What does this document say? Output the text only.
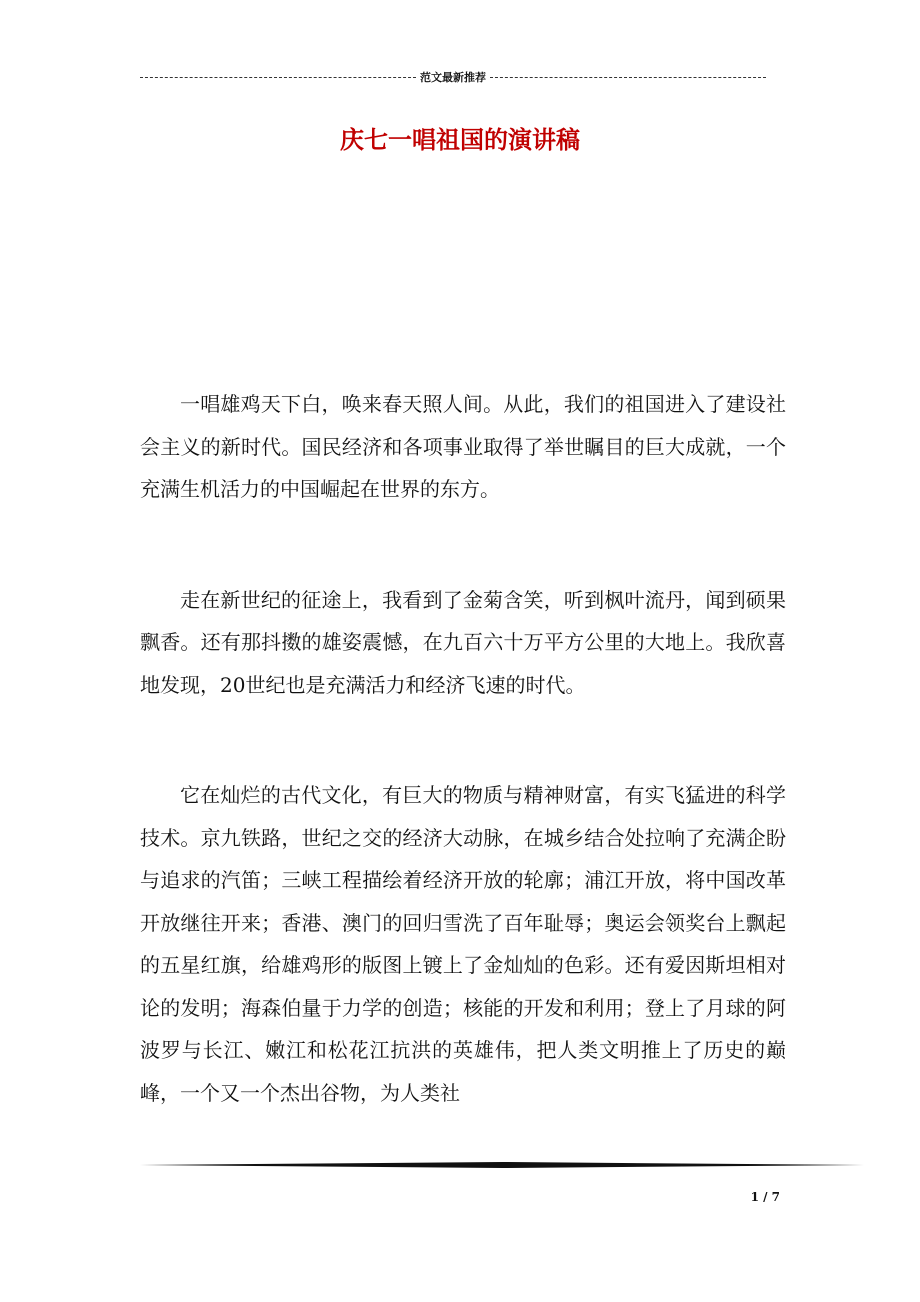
范文最新推荐
庆七一唱祖国的演讲稿

一唱雄鸡天下白，唤来春天照人间。从此，我们的祖国进入了建设社会主义的新时代。国民经济和各项事业取得了举世瞩目的巨大成就，一个充满生机活力的中国崛起在世界的东方。

走在新世纪的征途上，我看到了金菊含笑，听到枫叶流丹，闻到硕果飘香。还有那抖擞的雄姿震憾，在九百六十万平方公里的大地上。我欣喜地发现，20世纪也是充满活力和经济飞速的时代。

它在灿烂的古代文化，有巨大的物质与精神财富，有实飞猛进的科学技术。京九铁路，世纪之交的经济大动脉，在城乡结合处拉响了充满企盼与追求的汽笛；三峡工程描绘着经济开放的轮廓；浦江开放，将中国改革开放继往开来；香港、澳门的回归雪洗了百年耻辱；奥运会领奖台上飘起的五星红旗，给雄鸡形的版图上镀上了金灿灿的色彩。还有爱因斯坦相对论的发明；海森伯量于力学的创造；核能的开发和利用；登上了月球的阿波罗与长江、嫩江和松花江抗洪的英雄伟，把人类文明推上了历史的巅峰，一个又一个杰出谷物，为人类社

1 / 7
